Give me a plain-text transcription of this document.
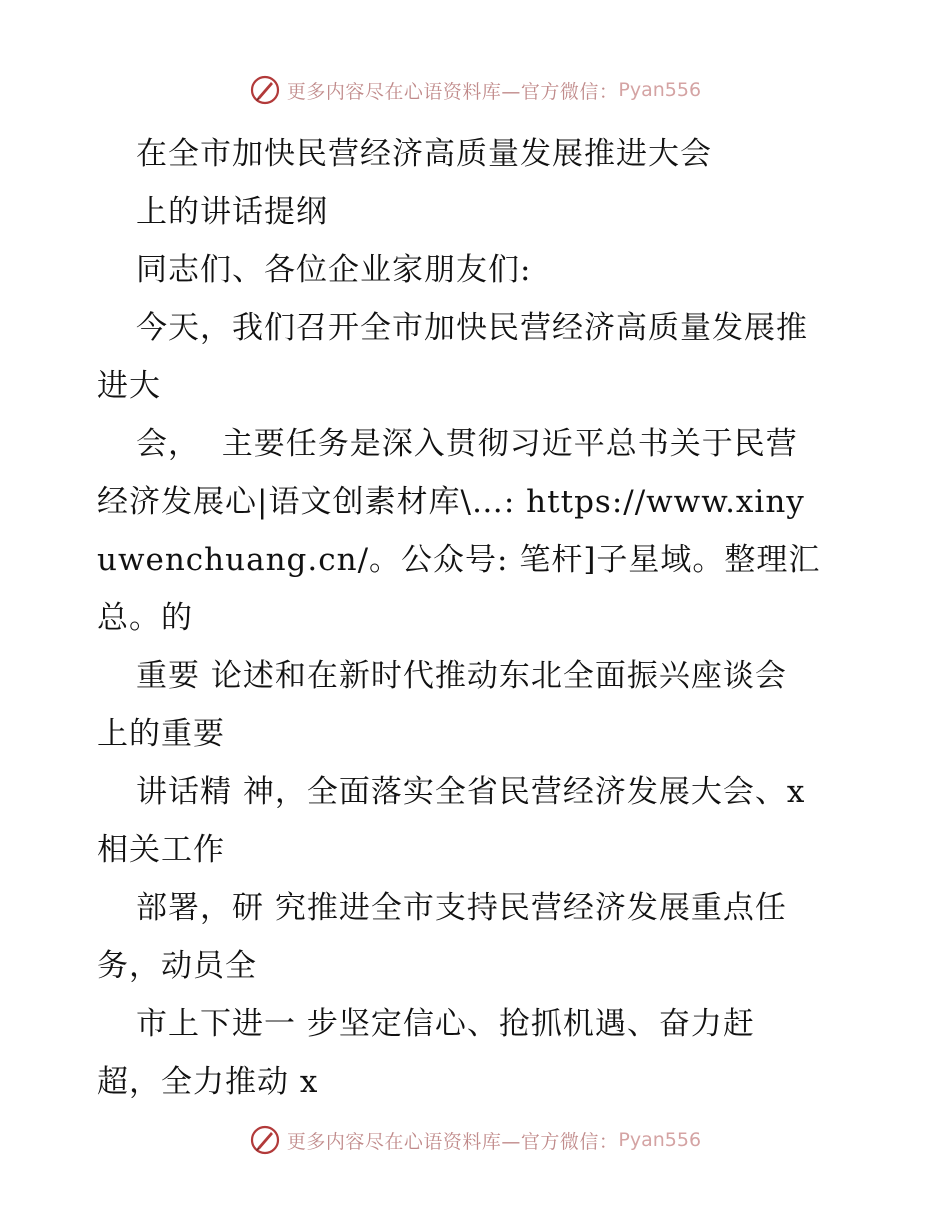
更多内容尽在心语资料库—官方微信： Pyan556
在全市加快民营经济高质量发展推进大会
上的讲话提纲
同志们、各位企业家朋友们:
今天，我们召开全市加快民营经济高质量发展推
进大
会，  主要任务是深入贯彻习近平总书关于民营
经济发展心|语文创素材库\…: https://www.xiny
uwenchuang.cn/。公众号: 笔杆]子星域。整理汇
总。的
重要 论述和在新时代推动东北全面振兴座谈会
上的重要
讲话精 神，全面落实全省民营经济发展大会、x
相关工作
部署，研 究推进全市支持民营经济发展重点任
务，动员全
市上下进一 步坚定信心、抢抓机遇、奋力赶
超，全力推动 x
更多内容尽在心语资料库—官方微信： Pyan556
